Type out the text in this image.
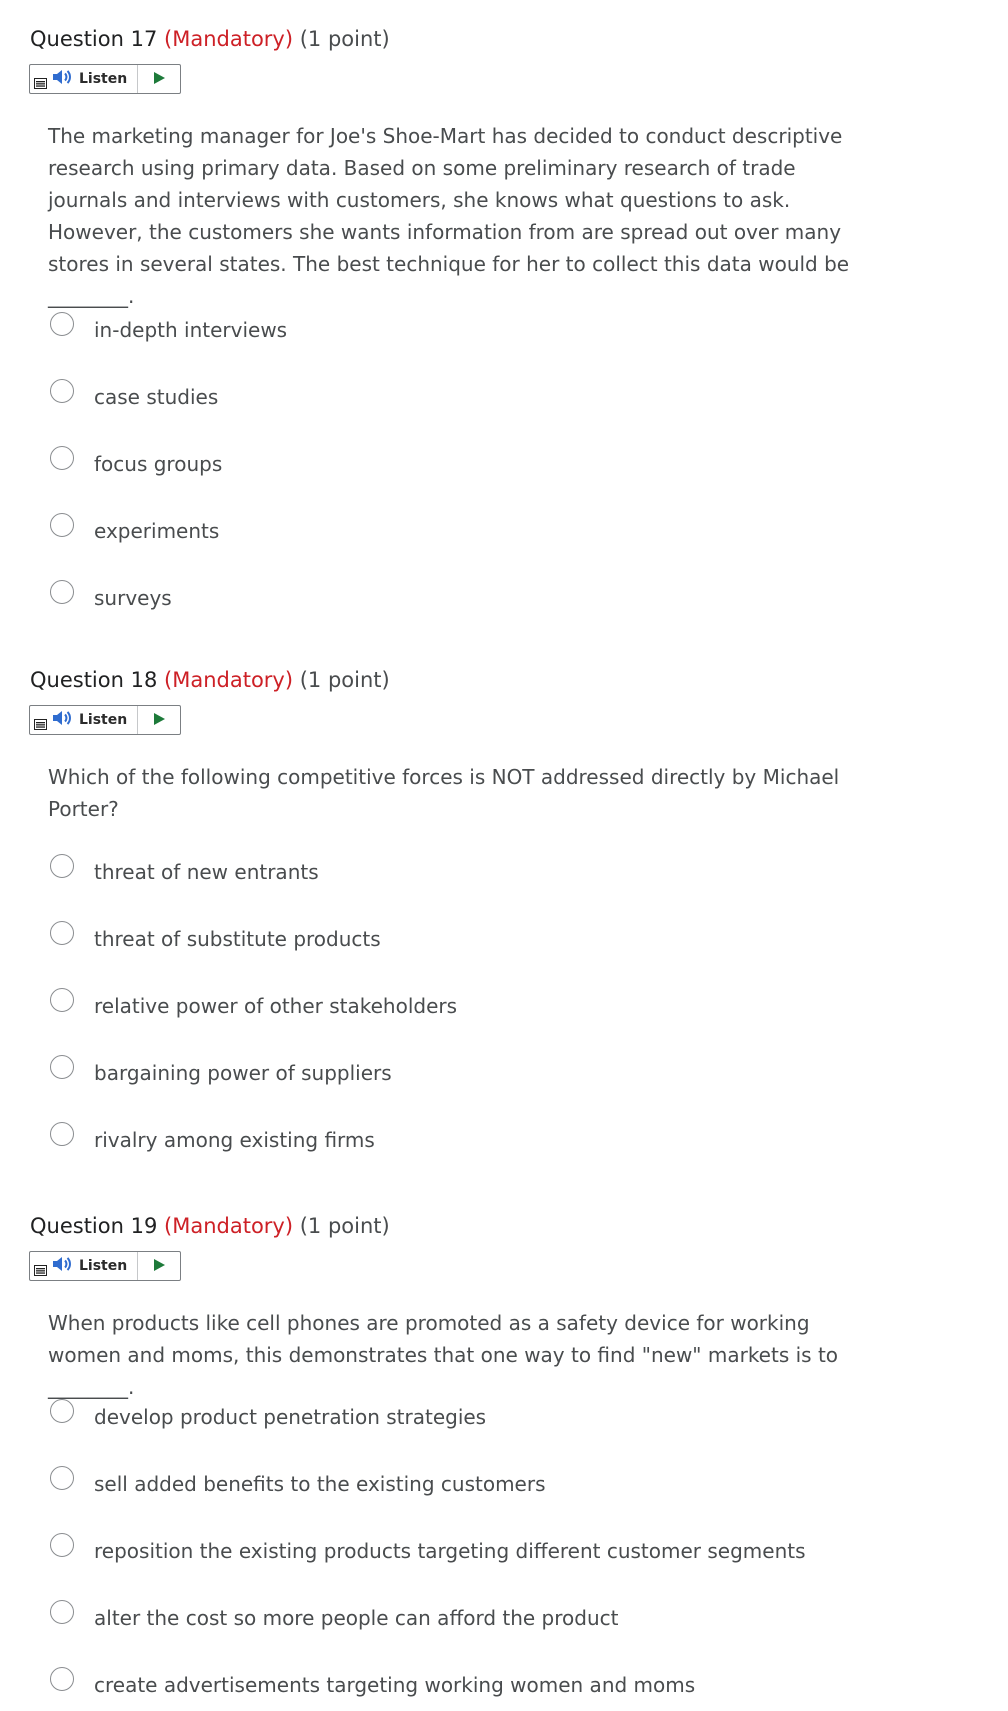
Question 17 (Mandatory) (1 point)
Listen
The marketing manager for Joe's Shoe-Mart has decided to conduct descriptive research using primary data. Based on some preliminary research of trade journals and interviews with customers, she knows what questions to ask. However, the customers she wants information from are spread out over many stores in several states. The best technique for her to collect this data would be ________.
in-depth interviews
case studies
focus groups
experiments
surveys
Question 18 (Mandatory) (1 point)
Listen
Which of the following competitive forces is NOT addressed directly by Michael Porter?
threat of new entrants
threat of substitute products
relative power of other stakeholders
bargaining power of suppliers
rivalry among existing firms
Question 19 (Mandatory) (1 point)
Listen
When products like cell phones are promoted as a safety device for working women and moms, this demonstrates that one way to find "new" markets is to ________.
develop product penetration strategies
sell added benefits to the existing customers
reposition the existing products targeting different customer segments
alter the cost so more people can afford the product
create advertisements targeting working women and moms
